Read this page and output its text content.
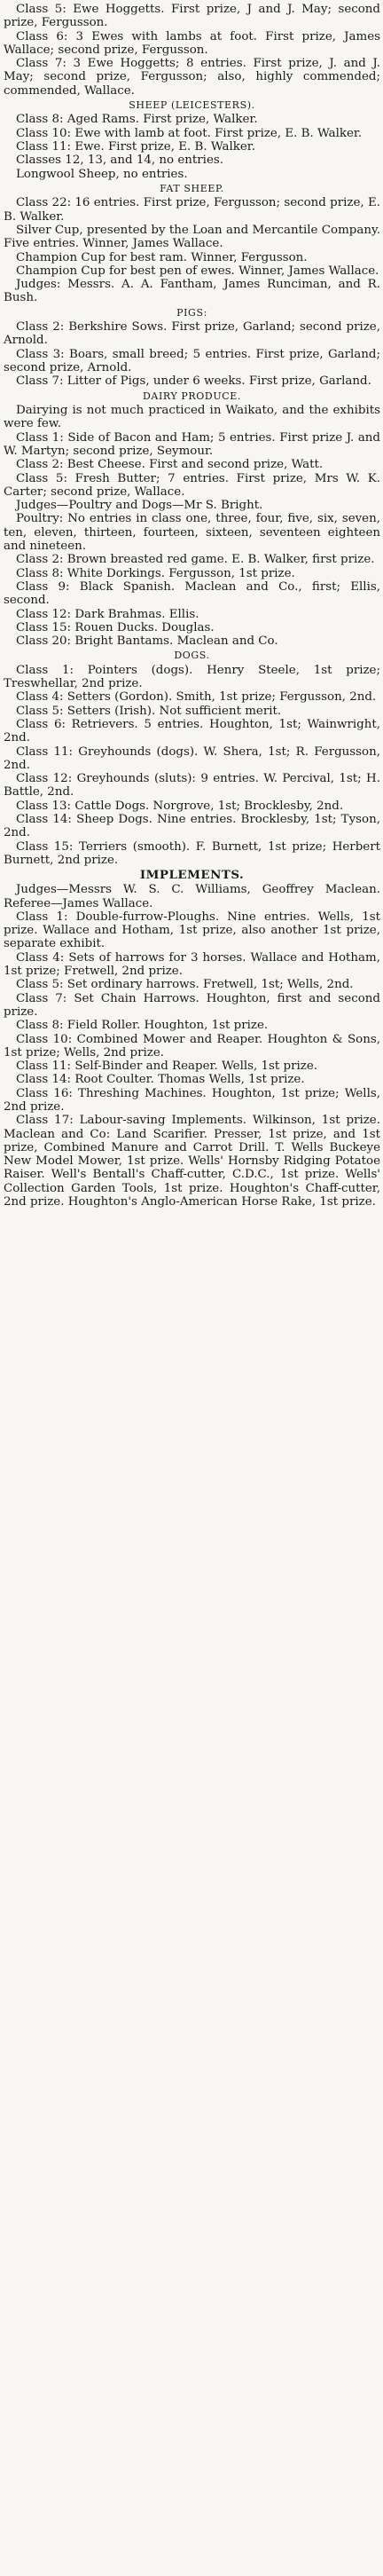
Class 5: Ewe Hoggetts. First prize, J and J. May; second prize, Fergusson.

Class 6: 3 Ewes with lambs at foot. First prize, James Wallace; second prize, Fergusson.

Class 7: 3 Ewe Hoggetts; 8 entries. First prize, J. and J. May; second prize, Fergusson; also, highly commended; commended, Wallace.

SHEEP (LEICESTERS).

Class 8: Aged Rams. First prize, Walker.

Class 10: Ewe with lamb at foot. First prize, E. B. Walker.

Class 11: Ewe. First prize, E. B. Walker.

Classes 12, 13, and 14, no entries.

Longwool Sheep, no entries.

FAT SHEEP.

Class 22: 16 entries. First prize, Fergusson; second prize, E. B. Walker.

Silver Cup, presented by the Loan and Mercantile Company. Five entries. Winner, James Wallace.

Champion Cup for best ram. Winner, Fergusson.

Champion Cup for best pen of ewes. Winner, James Wallace.

Judges: Messrs. A. A. Fantham, James Runciman, and R. Bush.

PIGS:

Class 2: Berkshire Sows. First prize, Garland; second prize, Arnold.

Class 3: Boars, small breed; 5 entries. First prize, Garland; second prize, Arnold.

Class 7: Litter of Pigs, under 6 weeks. First prize, Garland.

DAIRY PRODUCE.

Dairying is not much practiced in Waikato, and the exhibits were few.

Class 1: Side of Bacon and Ham; 5 entries. First prize J. and W. Martyn; second prize, Seymour.

Class 2: Best Cheese. First and second prize, Watt.

Class 5: Fresh Butter; 7 entries. First prize, Mrs W. K. Carter; second prize, Wallace.

Judges—Poultry and Dogs—Mr S. Bright.

Poultry: No entries in class one, three, four, five, six, seven, ten, eleven, thirteen, fourteen, sixteen, seventeen eighteen and nineteen.

Class 2: Brown breasted red game. E. B. Walker, first prize.

Class 8: White Dorkings. Fergusson, 1st prize.

Class 9: Black Spanish. Maclean and Co., first; Ellis, second.

Class 12: Dark Brahmas. Ellis.

Class 15: Rouen Ducks. Douglas.

Class 20: Bright Bantams. Maclean and Co.

DOGS.

Class 1: Pointers (dogs). Henry Steele, 1st prize; Treswhellar, 2nd prize.

Class 4: Setters (Gordon). Smith, 1st prize; Fergusson, 2nd.

Class 5: Setters (Irish). Not sufficient merit.

Class 6: Retrievers. 5 entries. Houghton, 1st; Wainwright, 2nd.

Class 11: Greyhounds (dogs). W. Shera, 1st; R. Fergusson, 2nd.

Class 12: Greyhounds (sluts): 9 entries. W. Percival, 1st; H. Battle, 2nd.

Class 13: Cattle Dogs. Norgrove, 1st; Brocklesby, 2nd.

Class 14: Sheep Dogs. Nine entries. Brocklesby, 1st; Tyson, 2nd.

Class 15: Terriers (smooth). F. Burnett, 1st prize; Herbert Burnett, 2nd prize.

IMPLEMENTS.

Judges—Messrs W. S. C. Williams, Geoffrey Maclean. Referee—James Wallace.

Class 1: Double-furrow-Ploughs. Nine entries. Wells, 1st prize. Wallace and Hotham, 1st prize, also another 1st prize, separate exhibit.

Class 4: Sets of harrows for 3 horses. Wallace and Hotham, 1st prize; Fretwell, 2nd prize.

Class 5: Set ordinary harrows. Fretwell, 1st; Wells, 2nd.

Class 7: Set Chain Harrows. Houghton, first and second prize.

Class 8: Field Roller. Houghton, 1st prize.

Class 10: Combined Mower and Reaper. Houghton & Sons, 1st prize; Wells, 2nd prize.

Class 11: Self-Binder and Reaper. Wells, 1st prize.

Class 14: Root Coulter. Thomas Wells, 1st prize.

Class 16: Threshing Machines. Houghton, 1st prize; Wells, 2nd prize.

Class 17: Labour-saving Implements. Wilkinson, 1st prize. Maclean and Co: Land Scarifier. Presser, 1st prize, and 1st prize, Combined Manure and Carrot Drill. T. Wells Buckeye New Model Mower, 1st prize. Wells' Hornsby Ridging Potatoe Raiser. Well's Bentall's Chaff-cutter, C.D.C., 1st prize. Wells' Collection Garden Tools, 1st prize. Houghton's Chaff-cutter, 2nd prize. Houghton's Anglo-American Horse Rake, 1st prize.
